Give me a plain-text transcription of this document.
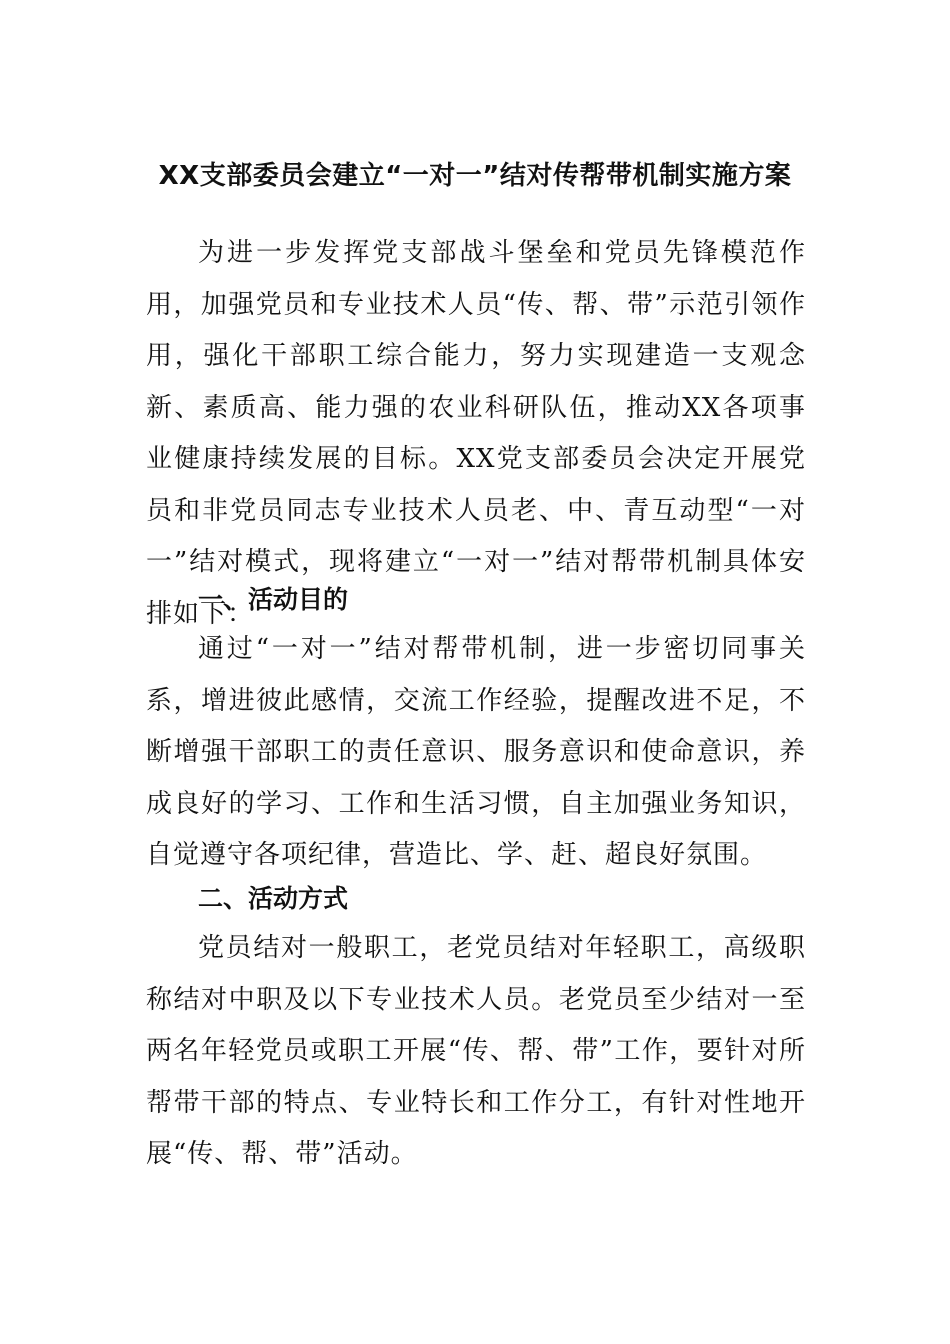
XX支部委员会建立“一对一”结对传帮带机制实施方案

为进一步发挥党支部战斗堡垒和党员先锋模范作用，加强党员和专业技术人员“传、帮、带”示范引领作用，强化干部职工综合能力，努力实现建造一支观念新、素质高、能力强的农业科研队伍，推动XX各项事业健康持续发展的目标。XX党支部委员会决定开展党员和非党员同志专业技术人员老、中、青互动型“一对一”结对模式，现将建立“一对一”结对帮带机制具体安排如下：

一、活动目的

通过“一对一”结对帮带机制，进一步密切同事关系，增进彼此感情，交流工作经验，提醒改进不足，不断增强干部职工的责任意识、服务意识和使命意识，养成良好的学习、工作和生活习惯，自主加强业务知识，自觉遵守各项纪律，营造比、学、赶、超良好氛围。

二、活动方式

党员结对一般职工，老党员结对年轻职工，高级职称结对中职及以下专业技术人员。老党员至少结对一至两名年轻党员或职工开展“传、帮、带”工作，要针对所帮带干部的特点、专业特长和工作分工，有针对性地开展“传、帮、带”活动。
